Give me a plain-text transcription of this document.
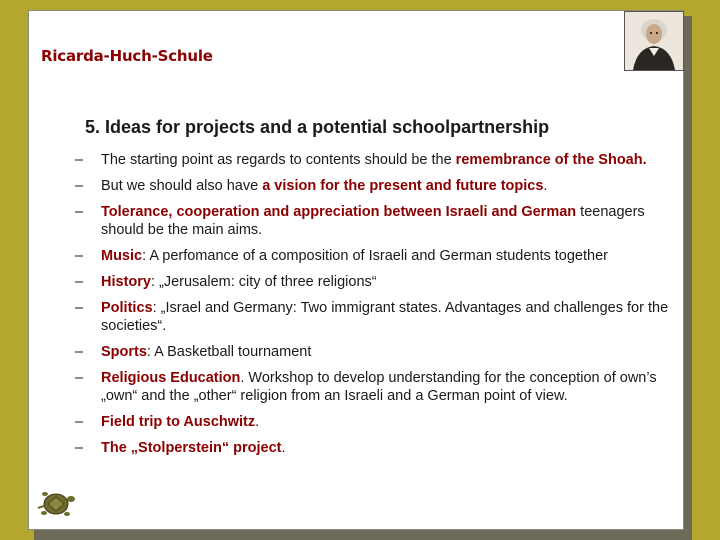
Ricarda-Huch-Schule
5. Ideas for projects and a potential schoolpartnership
– The starting point as regards to contents should be the remembrance of the Shoah.
– But we should also have a vision for the present and future topics.
– Tolerance, cooperation and appreciation between Israeli and German teenagers should be the main aims.
– Music: A perfomance of a composition of Israeli and German students together
– History: „Jerusalem: city of three religions“
– Politics: „Israel and Germany: Two immigrant states. Advantages and challenges for the societies“.
– Sports: A Basketball tournament
– Religious Education. Workshop to develop understanding for the conception of own’s „own“ and the „other“ religion from an Israeli and a German point of view.
– Field trip to Auschwitz.
– The „Stolperstein“ project.
